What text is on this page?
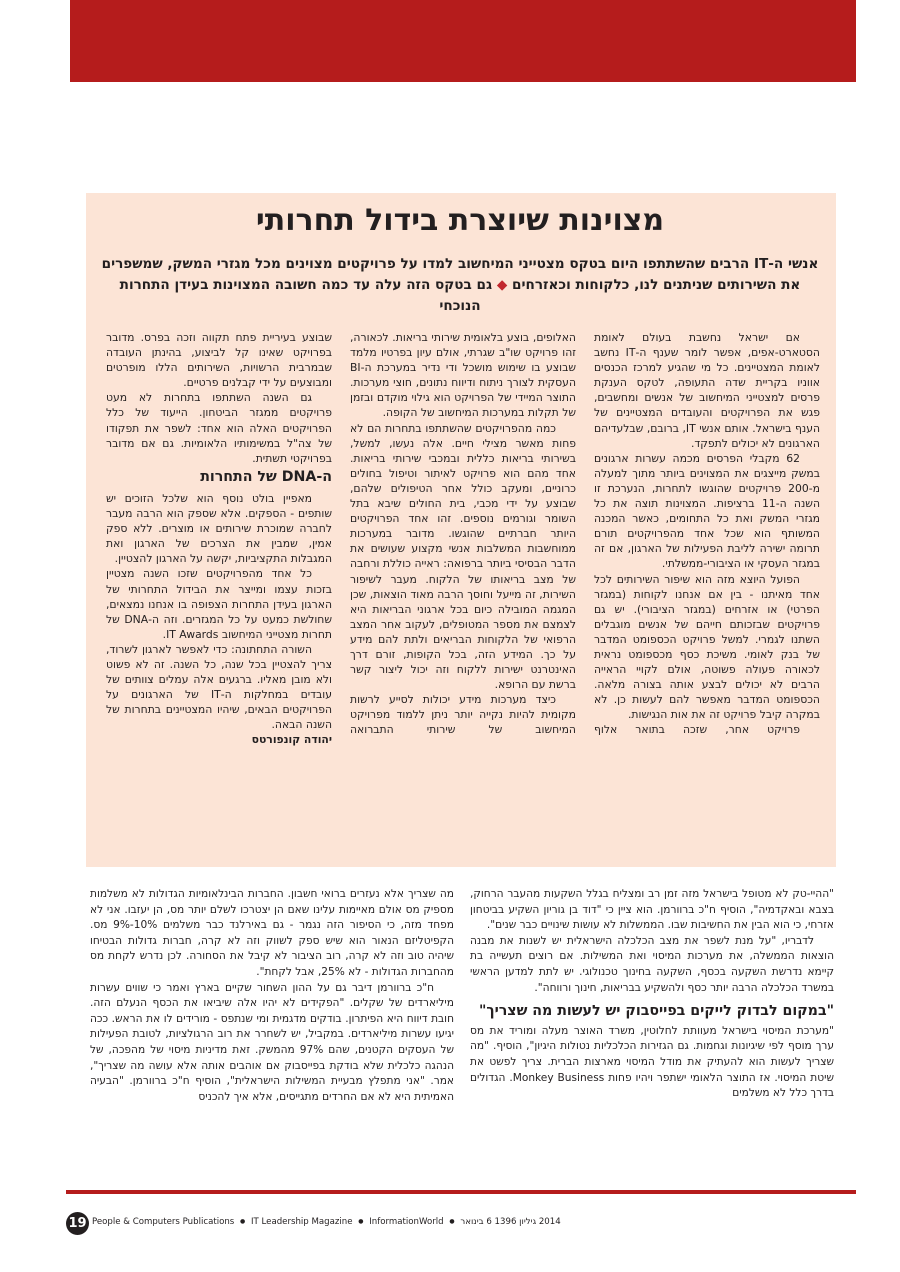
מצוינות שיוצרת בידול תחרותי
אנשי ה-IT הרבים שהשתתפו היום בטקס מצטייני המיחשוב למדו על פרויקטים מצוינים מכל מגזרי המשק, שמשפרים את השירותים שניתנים לנו, כלקוחות וכאזרחים ◆ גם בטקס הזה עלה עד כמה חשובה המצוינות בעידן התחרות הנוכחי

אם ישראל נחשבת בעולם לאומת הסטארט-אפים, אפשר לומר שענף ה-IT נחשב לאומת המצטיינים. כל מי שהגיע למרכז הכנסים אווניו בקריית שדה התעופה, לטקס הענקת פרסים למצטייני המיחשוב של אנשים ומחשבים, פגש את הפרויקטים והעובדים המצטיינים של הענף בישראל. אותם אנשי IT, ברובם, שבלעדיהם הארגונים לא יכולים לתפקד.

62 מקבלי הפרסים מכמה עשרות ארגונים במשק מייצגים את המצוינים ביותר מתוך למעלה מ-200 פרויקטים שהוגשו לתחרות, הנערכת זו השנה ה-11 ברציפות. המצוינות תוצה את כל מגזרי המשק ואת כל התחומים, כאשר המכנה המשותף הוא שכל אחד מהפרויקטים תורם תרומה ישירה לליבת הפעילות של הארגון, אם זה במגזר העסקי או הציבורי-ממשלתי.

הפועל היוצא מזה הוא שיפור השירותים לכל אחד מאיתנו - בין אם אנחנו לקוחות (במגזר הפרטי) או אזרחים (במגזר הציבורי). יש גם פרויקטים שבזכותם חייהם של אנשים מוגבלים השתנו לגמרי. למשל פרויקט הכספומט המדבר של בנק לאומי. משיכת כסף מכספומט נראית לכאורה פעולה פשוטה, אולם לקויי הראייה הרבים לא יכולים לבצע אותה בצורה מלאה. הכספומט המדבר מאפשר להם לעשות כן. לא במקרה קיבל פרויקט זה את אות הנגישות.

פרויקט אחר, שזכה בתואר אלוף

האלופים, בוצע בלאומית שירותי בריאות. לכאורה, זהו פרויקט שו"ב שגרתי, אולם עיון בפרטיו מלמד שבוצע בו שימוש מושכל ודי נדיר במערכת ה-BI העסקית לצורך ניתוח ודיווח נתונים, חוצי מערכות. התוצר המיידי של הפרויקט הוא גילוי מוקדם ובזמן של תקלות במערכות המיחשוב של הקופה.

כמה מהפרויקטים שהשתתפו בתחרות הם לא פחות מאשר מצילי חיים. אלה נעשו, למשל, בשירותי בריאות כללית ובמכבי שירותי בריאות. אחד מהם הוא פרויקט לאיתור וטיפול בחולים כרוניים, ומעקב כולל אחר הטיפולים שלהם, שבוצע על ידי מכבי, בית החולים שיבא בתל השומר וגורמים נוספים. זהו אחד הפרויקטים היותר חברתיים שהוגשו. מדובר במערכות ממוחשבות המשלבות אנשי מקצוע שעושים את הדבר הבסיסי ביותר ברפואה: ראייה כוללת ורחבה של מצב בריאותו של הלקוח. מעבר לשיפור השירות, זה מייעל וחוסך הרבה מאוד הוצאות, שכן המגמה המובילה כיום בכל ארגוני הבריאות היא לצמצם את מספר המטופלים, לעקוב אחר המצב הרפואי של הלקוחות הבריאים ולתת להם מידע על כך. המידע הזה, בכל הקופות, זורם דרך האינטרנט ישירות ללקוח וזה יכול ליצור קשר ברשת עם הרופא.

כיצד מערכות מידע יכולות לסייע לרשות מקומית להיות נקייה יותר ניתן ללמוד מפרויקט המיחשוב של שירותי התברואה

שבוצע בעיריית פתח תקווה וזכה בפרס. מדובר בפרויקט שאינו קל לביצוע, בהינתן העובדה שבמרבית הרשויות, השירותים הללו מופרטים ומבוצעים על ידי קבלנים פרטיים.

גם השנה השתתפו בתחרות לא מעט פרויקטים ממגזר הביטחון. הייעוד של כלל הפרויקטים האלה הוא אחד: לשפר את תפקודו של צה"ל במשימותיו הלאומיות. גם אם מדובר בפרויקטי תשתית.

ה-DNA של התחרות

מאפיין בולט נוסף הוא שלכל הזוכים יש שותפים - הספקים. אלא שספק הוא הרבה מעבר לחברה שמוכרת שירותים או מוצרים. ללא ספק אמין, שמבין את הצרכים של הארגון ואת המגבלות התקציביות, יקשה על הארגון להצטיין.

כל אחד מהפרויקטים שזכו השנה מצטיין בזכות עצמו ומייצר את הבידול התחרותי של הארגון בעידן התחרות הצפופה בו אנחנו נמצאים, שחולשת כמעט על כל המגזרים. וזה ה-DNA של תחרות מצטייני המיחשוב IT Awards.

השורה התחתונה: כדי לאפשר לארגון לשרוד, צריך להצטיין בכל שנה, כל השנה. זה לא פשוט ולא מובן מאליו. ברגעים אלה עמלים צוותים של עובדים במחלקות ה-IT של הארגונים על הפרויקטים הבאים, שיהיו המצטיינים בתחרות של השנה הבאה.

יהודה קונפורטס

"ההיי-טק לא מטופל בישראל מזה זמן רב ומצליח בגלל השקעות מהעבר הרחוק, בצבא ובאקדמיה", הוסיף ח"כ ברוורמן. הוא ציין כי "דוד בן גוריון השקיע בביטחון אזרחי, כי הוא הבין את החשיבות שבו. הממשלות לא עושות שינויים כבר שנים".

לדבריו, "על מנת לשפר את מצב הכלכלה הישראלית יש לשנות את מבנה הוצאות הממשלה, את מערכות המיסוי ואת המשילות. אם רוצים תעשייה בת קיימא נדרשת השקעה בכסף, השקעה בחינוך טכנולוגי. יש לתת למדען הראשי במשרד הכלכלה הרבה יותר כסף ולהשקיע בבריאות, חינוך ורווחה".

"במקום לבדוק לייקים בפייסבוק יש לעשות מה שצריך"

"מערכת המיסוי בישראל מעוותת לחלוטין, משרד האוצר מעלה ומוריד את מס ערך מוסף לפי שיגיונות וגחמות. גם הגזירות הכלכליות נטולות היגיון", הוסיף. "מה שצריך לעשות הוא להעתיק את מודל המיסוי מארצות הברית. צריך לפשט את שיטת המיסוי. אז התוצר הלאומי ישתפר ויהיו פחות Monkey Business. הגדולים בדרך כלל לא משלמים

מה שצריך אלא נעזרים ברואי חשבון. החברות הבינלאומיות הגדולות לא משלמות מספיק מס אולם מאיימות עלינו שאם הן יצטרכו לשלם יותר מס, הן יעזבו. אני לא מפחד מזה, כי הסיפור הזה נגמר - גם באירלנד כבר משלמים 10%-9% מס. הקפיטליזם הנאור הוא שיש ספק לשווק וזה לא קרה, חברות גדולות הבטיחו שיהיה טוב וזה לא קרה, רוב הציבור לא קיבל את הסחורה. לכן נדרש לקחת מס מהחברות הגדולות - לא 25%, אבל לקחת".

ח"כ ברוורמן דיבר גם על ההון השחור שקיים בארץ ואמר כי שווים עשרות מיליארדים של שקלים. "הפקידים לא יהיו אלה שיביאו את הכסף הנעלם הזה. חובת דיווח היא הפיתרון. בודקים מדגמית ומי שנתפס - מורידים לו את הראש. ככה יגיעו עשרות מיליארדים. במקביל, יש לשחרר את רוב הרגולציות, לטובת הפעילות של העסקים הקטנים, שהם 97% מהמשק. זאת מדיניות מיסוי של מהפכה, של הנהגה כלכלית שלא בודקת בפייסבוק אם אוהבים אותה אלא עושה מה שצריך", אמר. "אני מתפלץ מבעיית המשילות הישראלית", הוסיף ח"כ ברוורמן. "הבעיה האמיתית היא לא אם החרדים מתגייסים, אלא איך להכניס

19 People & Computers Publications ● IT Leadership Magazine ● InformationWorld ● 2014 גיליון 1396 6 בינואר
